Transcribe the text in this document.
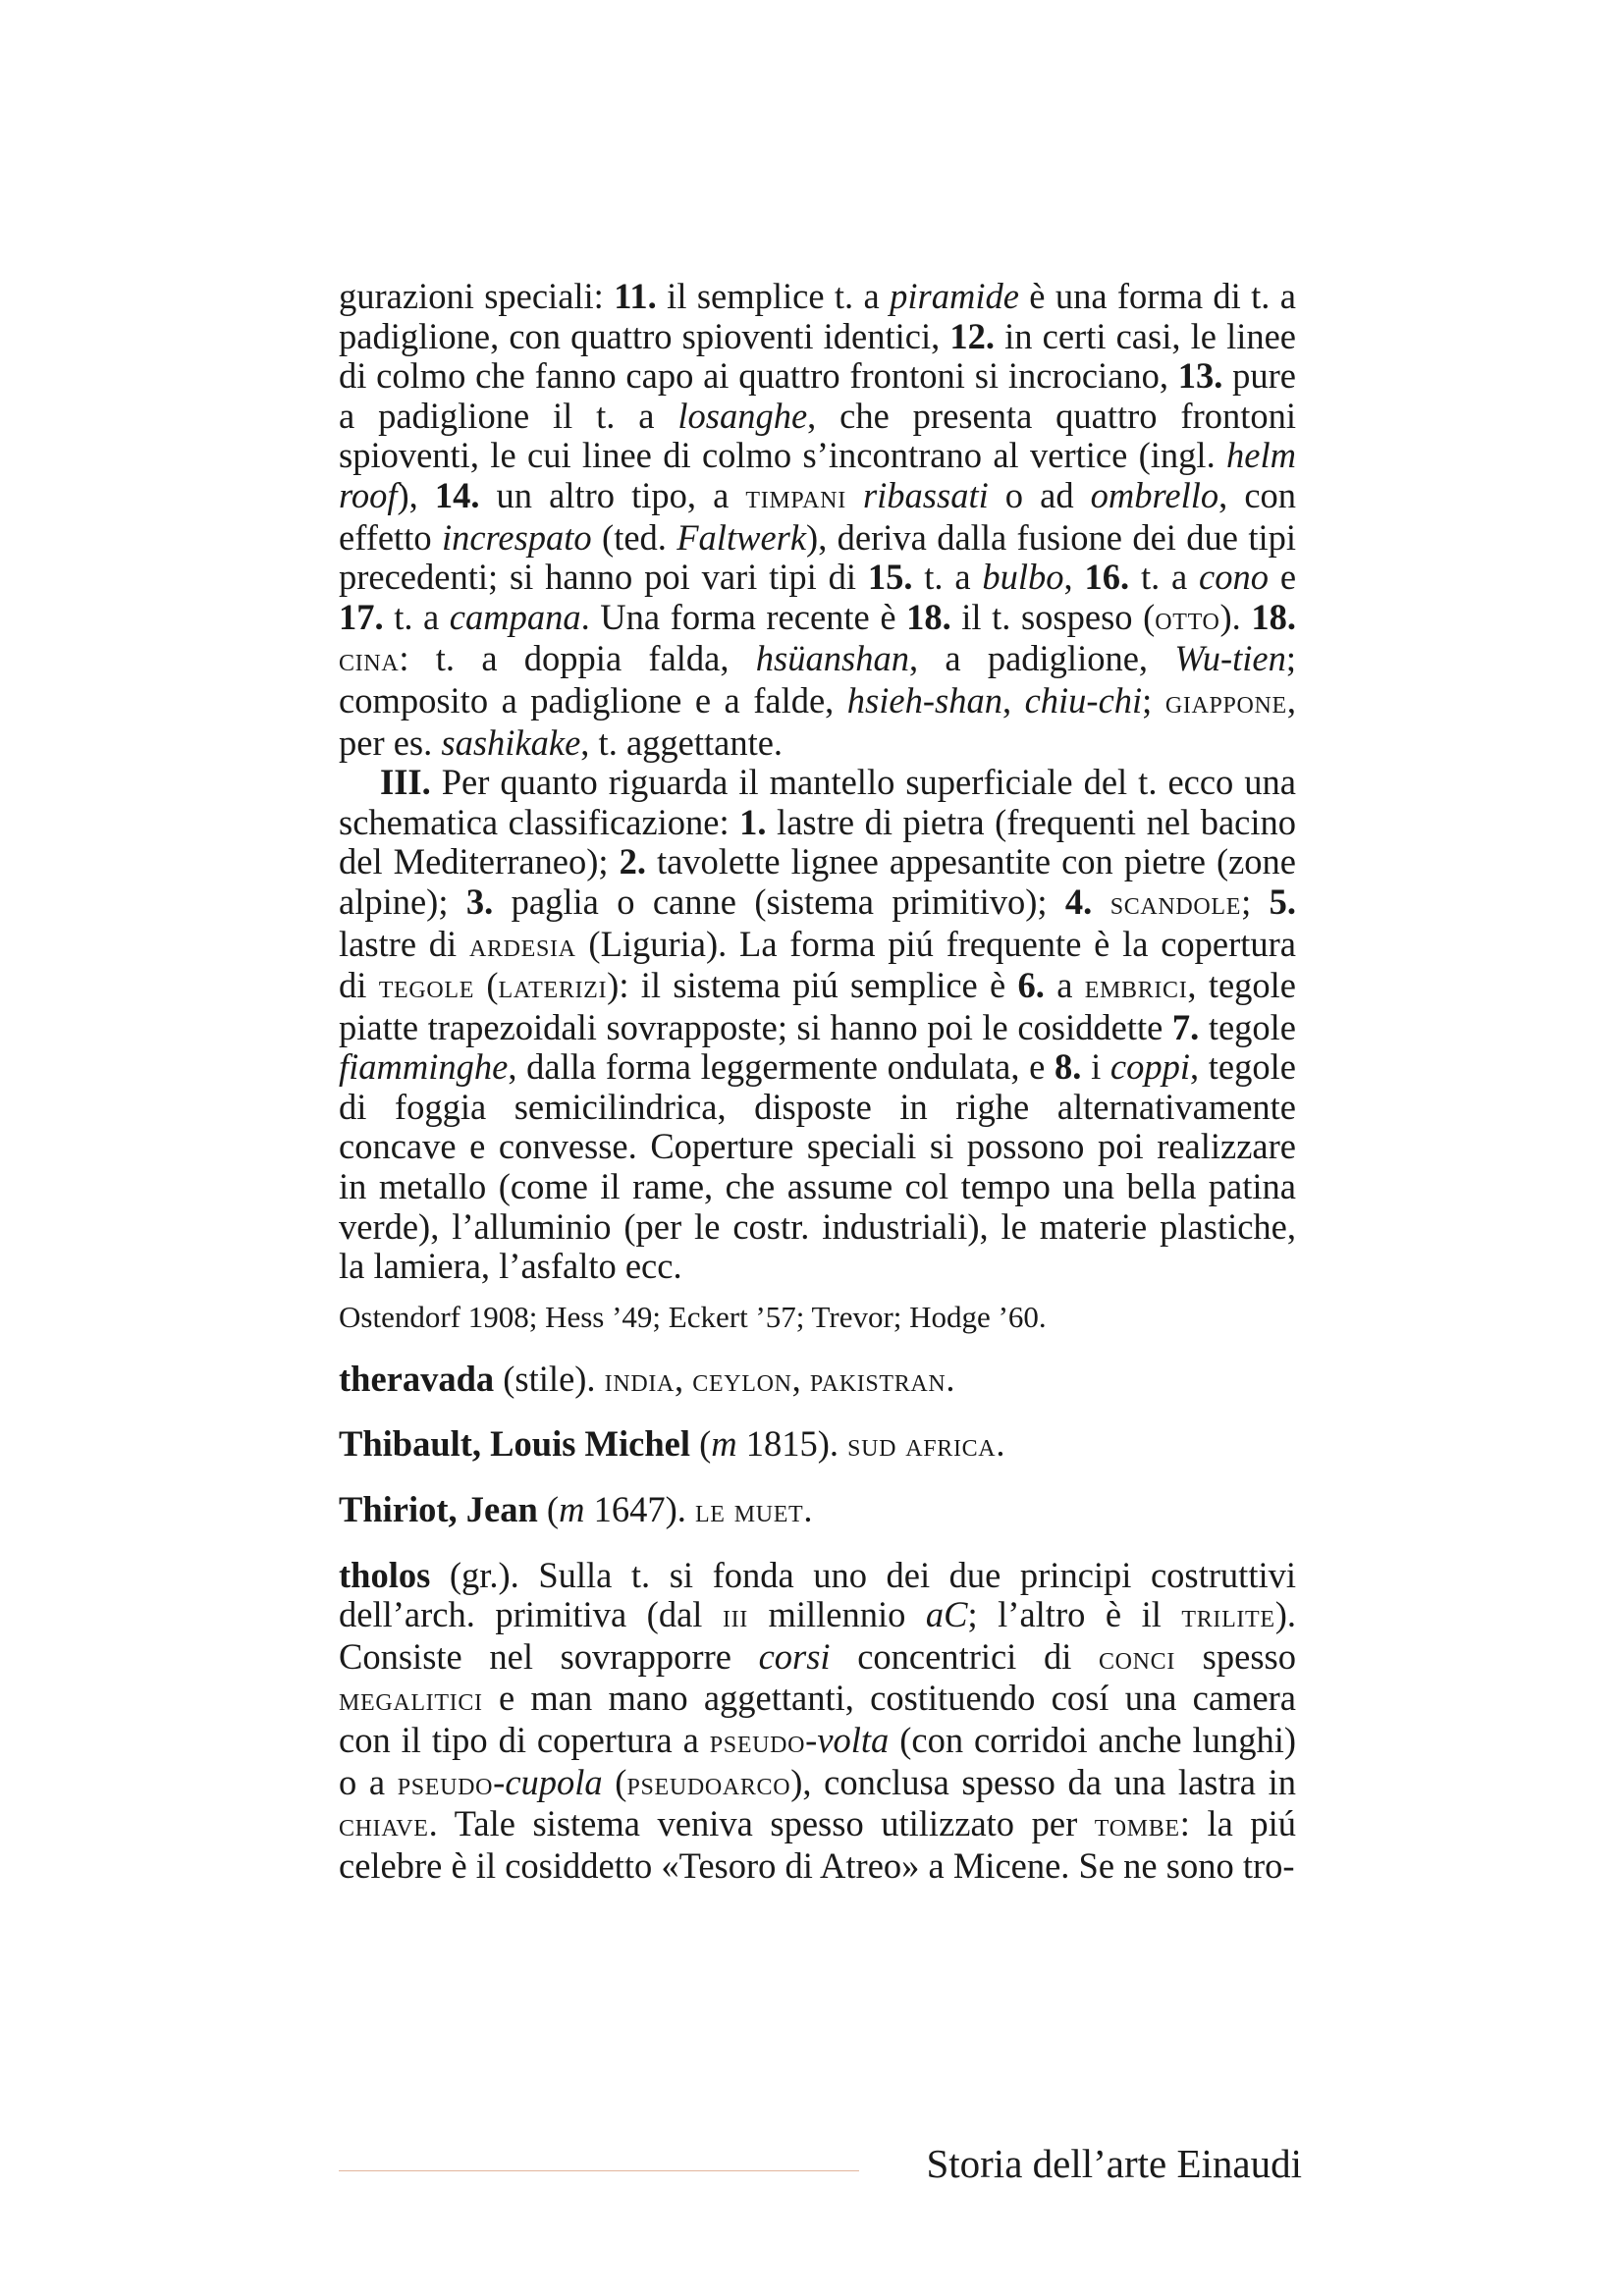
gurazioni speciali: 11. il semplice t. a piramide è una forma di t. a padiglione, con quattro spioventi identici, 12. in certi casi, le linee di colmo che fanno capo ai quattro frontoni si incrociano, 13. pure a padiglione il t. a losanghe, che presenta quattro frontoni spioventi, le cui linee di colmo s’incontrano al vertice (ingl. helm roof), 14. un altro tipo, a timpani ribassati o ad ombrello, con effetto increspato (ted. Faltwerk), deriva dalla fusione dei due tipi precedenti; si hanno poi vari tipi di 15. t. a bulbo, 16. t. a cono e 17. t. a campana. Una forma recente è 18. il t. sospeso (otto). 18. cina: t. a doppia falda, hsüanshan, a padiglione, Wu-tien; composito a padiglione e a falde, hsieh-shan, chiu-chi; giappone, per es. sashikake, t. aggettante.

III. Per quanto riguarda il mantello superficiale del t. ecco una schematica classificazione: 1. lastre di pietra (frequenti nel bacino del Mediterraneo); 2. tavolette lignee appesantite con pietre (zone alpine); 3. paglia o canne (sistema primitivo); 4. scandole; 5. lastre di ardesia (Liguria). La forma piú frequente è la copertura di tegole (laterizi): il sistema piú semplice è 6. a embrici, tegole piatte trapezoidali sovrapposte; si hanno poi le cosiddette 7. tegole fiamminghe, dalla forma leggermente ondulata, e 8. i coppi, tegole di foggia semicilindrica, disposte in righe alternativamente concave e convesse. Coperture speciali si possono poi realizzare in metallo (come il rame, che assume col tempo una bella patina verde), l’alluminio (per le costr. industriali), le materie plastiche, la lamiera, l’asfalto ecc.

Ostendorf 1908; Hess ’49; Eckert ’57; Trevor; Hodge ’60.

theravada (stile). india, ceylon, pakistran.

Thibault, Louis Michel (m 1815). sud africa.

Thiriot, Jean (m 1647). le muet.

tholos (gr.). Sulla t. si fonda uno dei due principi costruttivi dell’arch. primitiva (dal iii millennio aC; l’altro è il trilite). Consiste nel sovrapporre corsi concentrici di conci spesso megalitici e man mano aggettanti, costituendo cosí una camera con il tipo di copertura a pseudo-volta (con corridoi anche lunghi) o a pseudo-cupola (pseudoarco), conclusa spesso da una lastra in chiave. Tale sistema veniva spesso utilizzato per tombe: la piú celebre è il cosiddetto «Tesoro di Atreo» a Micene. Se ne sono tro-

Storia dell’arte Einaudi
